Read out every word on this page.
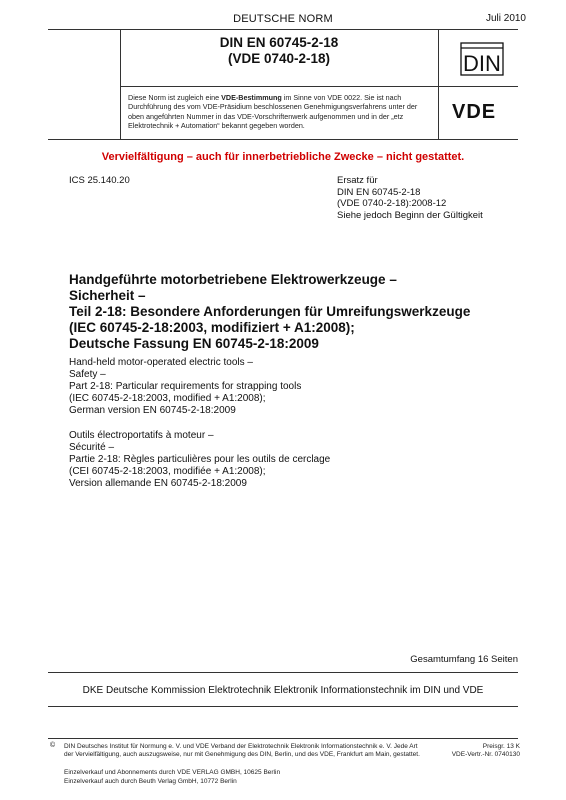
DEUTSCHE NORM	Juli 2010
DIN EN 60745-2-18
(VDE 0740-2-18)	DIN
Diese Norm ist zugleich eine VDE-Bestimmung im Sinne von VDE 0022. Sie ist nach Durchführung des vom VDE-Präsidium beschlossenen Genehmigungsverfahrens unter der oben angeführten Nummer in das VDE-Vorschriftenwerk aufgenommen und in der „etz Elektrotechnik + Automation“ bekannt gegeben worden.
VDE
Vervielfältigung – auch für innerbetriebliche Zwecke – nicht gestattet.
ICS 25.140.20	Ersatz für
DIN EN 60745-2-18
(VDE 0740-2-18):2008-12
Siehe jedoch Beginn der Gültigkeit
Handgeführte motorbetriebene Elektrowerkzeuge –
Sicherheit –
Teil 2-18: Besondere Anforderungen für Umreifungswerkzeuge
(IEC 60745-2-18:2003, modifiziert + A1:2008);
Deutsche Fassung EN 60745-2-18:2009
Hand-held motor-operated electric tools –
Safety –
Part 2-18: Particular requirements for strapping tools
(IEC 60745-2-18:2003, modified + A1:2008);
German version EN 60745-2-18:2009
Outils électroportatifs à moteur –
Sécurité –
Partie 2-18: Règles particulières pour les outils de cerclage
(CEI 60745-2-18:2003, modifiée + A1:2008);
Version allemande EN 60745-2-18:2009
Gesamtumfang 16 Seiten
DKE Deutsche Kommission Elektrotechnik Elektronik Informationstechnik im DIN und VDE
© DIN Deutsches Institut für Normung e. V. und VDE Verband der Elektrotechnik Elektronik Informationstechnik e. V. Jede Art der Vervielfältigung, auch auszugsweise, nur mit Genehmigung des DIN, Berlin, und des VDE, Frankfurt am Main, gestattet.
Preisgr. 13 K
VDE-Vertr.-Nr. 0740130
Einzelverkauf und Abonnements durch VDE VERLAG GMBH, 10625 Berlin
Einzelverkauf auch durch Beuth Verlag GmbH, 10772 Berlin
